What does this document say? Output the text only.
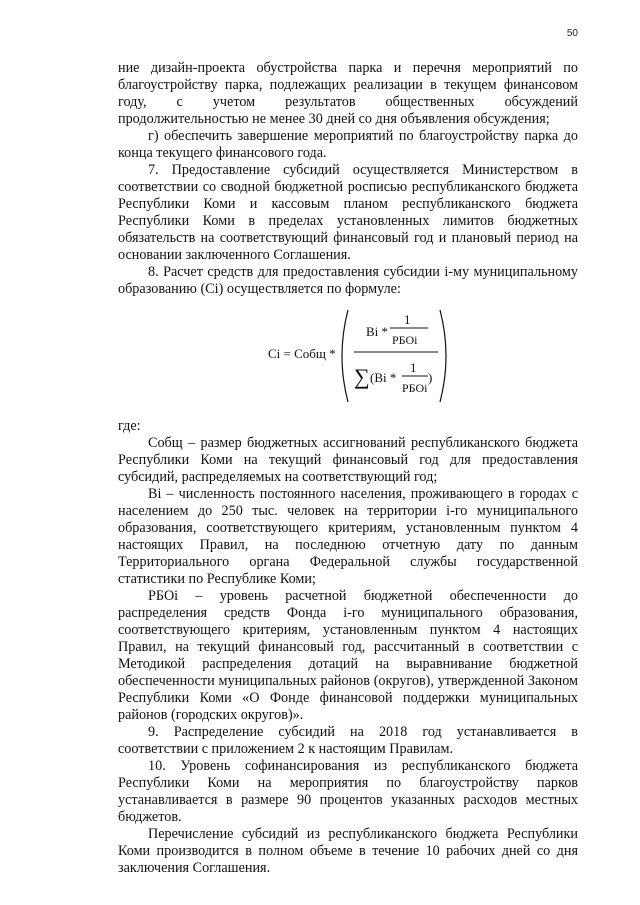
50

ние дизайн-проекта обустройства парка и перечня мероприятий по благоустройству парка, подлежащих реализации в текущем финансовом году, с учетом результатов общественных обсуждений продолжительностью не менее 30 дней со дня объявления обсуждения;

г) обеспечить завершение мероприятий по благоустройству парка до конца текущего финансового года.

7. Предоставление субсидий осуществляется Министерством в соответствии со сводной бюджетной росписью республиканского бюджета Республики Коми и кассовым планом республиканского бюджета Республики Коми в пределах установленных лимитов бюджетных обязательств на соответствующий финансовый год и плановый период на основании заключенного Соглашения.

8. Расчет средств для предоставления субсидии i-му муниципальному образованию (Ci) осуществляется по формуле:

Ci = Собщ *
Bi *
1
РБОi
∑ (Bi *
1
РБОi
)

где:

Собщ – размер бюджетных ассигнований республиканского бюджета Республики Коми на текущий финансовый год для предоставления субсидий, распределяемых на соответствующий год;

Bi – численность постоянного населения, проживающего в городах с населением до 250 тыс. человек на территории i-го муниципального образования, соответствующего критериям, установленным пунктом 4 настоящих Правил, на последнюю отчетную дату по данным Территориального органа Федеральной службы государственной статистики по Республике Коми;

РБОi – уровень расчетной бюджетной обеспеченности до распределения средств Фонда i-го муниципального образования, соответствующего критериям, установленным пунктом 4 настоящих Правил, на текущий финансовый год, рассчитанный в соответствии с Методикой распределения дотаций на выравнивание бюджетной обеспеченности муниципальных районов (округов), утвержденной Законом Республики Коми «О Фонде финансовой поддержки муниципальных районов (городских округов)».

9. Распределение субсидий на 2018 год устанавливается в соответствии с приложением 2 к настоящим Правилам.

10. Уровень софинансирования из республиканского бюджета Республики Коми на мероприятия по благоустройству парков устанавливается в размере 90 процентов указанных расходов местных бюджетов.

Перечисление субсидий из республиканского бюджета Республики Коми производится в полном объеме в течение 10 рабочих дней со дня заключения Соглашения.
